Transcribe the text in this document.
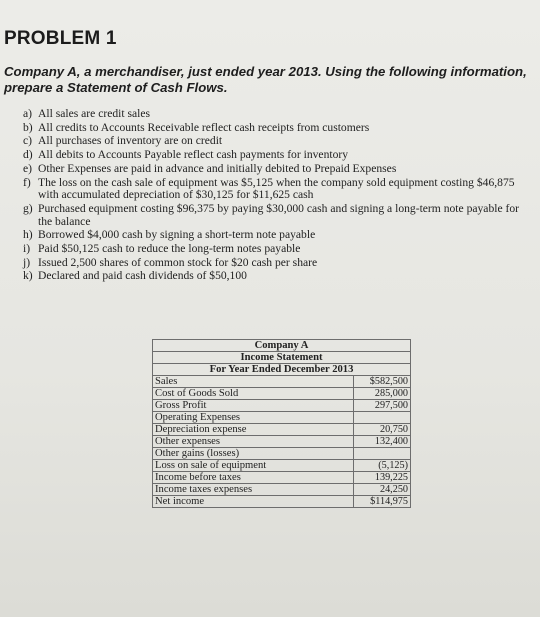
PROBLEM 1
Company A, a merchandiser, just ended year 2013. Using the following information, prepare a Statement of Cash Flows.
a) All sales are credit sales
b) All credits to Accounts Receivable reflect cash receipts from customers
c) All purchases of inventory are on credit
d) All debits to Accounts Payable reflect cash payments for inventory
e) Other Expenses are paid in advance and initially debited to Prepaid Expenses
f) The loss on the cash sale of equipment was $5,125 when the company sold equipment costing $46,875 with accumulated depreciation of $30,125 for $11,625 cash
g) Purchased equipment costing $96,375 by paying $30,000 cash and signing a long-term note payable for the balance
h) Borrowed $4,000 cash by signing a short-term note payable
i) Paid $50,125 cash to reduce the long-term notes payable
j) Issued 2,500 shares of common stock for $20 cash per share
k) Declared and paid cash dividends of $50,100
Company A	
Income Statement	
For Year Ended December 2013	
Sales	$582,500
Cost of Goods Sold	285,000
Gross Profit	297,500
Operating Expenses	
Depreciation expense	20,750
Other expenses	132,400
Other gains (losses)	
Loss on sale of equipment	(5,125)
Income before taxes	139,225
Income taxes expenses	24,250
Net income	$114,975
